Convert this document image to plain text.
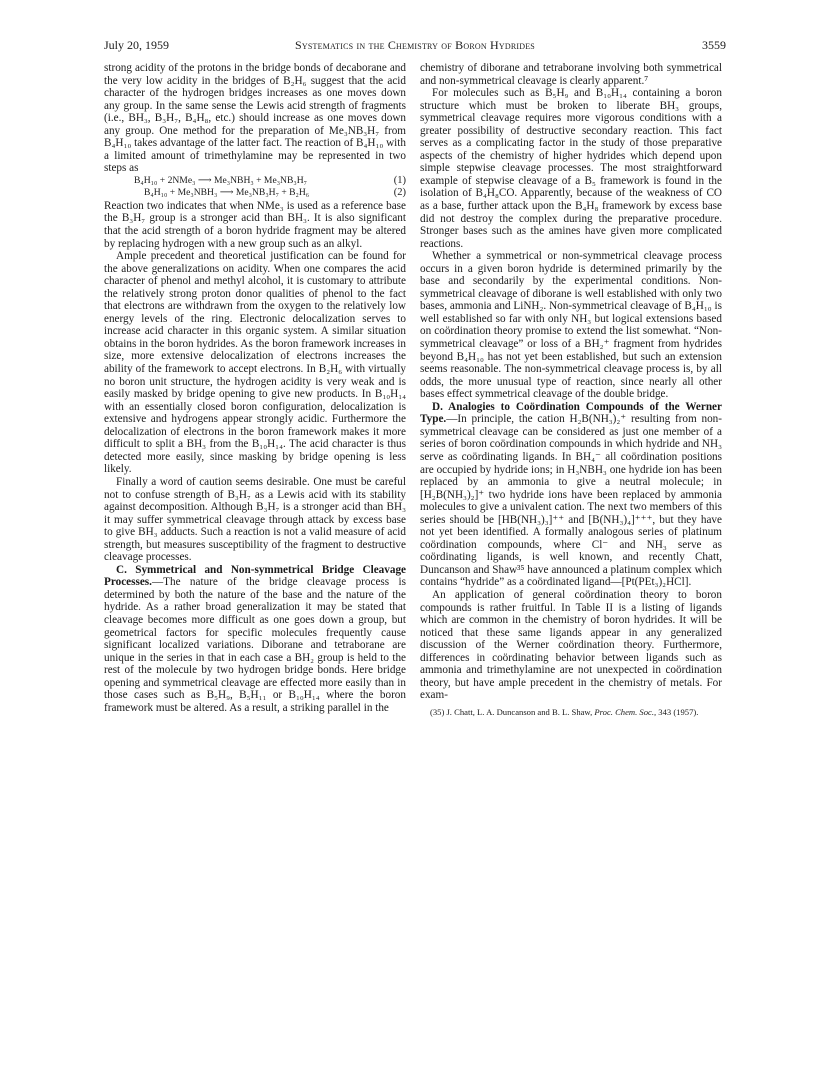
July 20, 1959	Systematics in the Chemistry of Boron Hydrides	3559

strong acidity of the protons in the bridge bonds of decaborane and the very low acidity in the bridges of B₂H₆ suggest that the acid character of the hydrogen bridges increases as one moves down any group. In the same sense the Lewis acid strength of fragments (i.e., BH₃, B₃H₇, B₄H₈, etc.) should increase as one moves down any group. One method for the preparation of Me₃NB₃H₇ from B₄H₁₀ takes advantage of the latter fact. The reaction of B₄H₁₀ with a limited amount of trimethylamine may be represented in two steps as

B₄H₁₀ + 2NMe₃ ⟶ Me₃NBH₃ + Me₃NB₃H₇	(1)
B₄H₁₀ + Me₃NBH₃ ⟶ Me₃NB₃H₇ + B₂H₆	(2)

Reaction two indicates that when NMe₃ is used as a reference base the B₃H₇ group is a stronger acid than BH₃. It is also significant that the acid strength of a boron hydride fragment may be altered by replacing hydrogen with a new group such as an alkyl.

Ample precedent and theoretical justification can be found for the above generalizations on acidity. When one compares the acid character of phenol and methyl alcohol, it is customary to attribute the relatively strong proton donor qualities of phenol to the fact that electrons are withdrawn from the oxygen to the relatively low energy levels of the ring. Electronic delocalization serves to increase acid character in this organic system. A similar situation obtains in the boron hydrides. As the boron framework increases in size, more extensive delocalization of electrons increases the ability of the framework to accept electrons. In B₂H₆ with virtually no boron unit structure, the hydrogen acidity is very weak and is easily masked by bridge opening to give new products. In B₁₀H₁₄ with an essentially closed boron configuration, delocalization is extensive and hydrogens appear strongly acidic. Furthermore the delocalization of electrons in the boron framework makes it more difficult to split a BH₃ from the B₁₀H₁₄. The acid character is thus detected more easily, since masking by bridge opening is less likely.

Finally a word of caution seems desirable. One must be careful not to confuse strength of B₃H₇ as a Lewis acid with its stability against decomposition. Although B₃H₇ is a stronger acid than BH₃ it may suffer symmetrical cleavage through attack by excess base to give BH₃ adducts. Such a reaction is not a valid measure of acid strength, but measures susceptibility of the fragment to destructive cleavage processes.

C. Symmetrical and Non-symmetrical Bridge Cleavage Processes.—The nature of the bridge cleavage process is determined by both the nature of the base and the nature of the hydride. As a rather broad generalization it may be stated that cleavage becomes more difficult as one goes down a group, but geometrical factors for specific molecules frequently cause significant localized variations. Diborane and tetraborane are unique in the series in that in each case a BH₂ group is held to the rest of the molecule by two hydrogen bridge bonds. Here bridge opening and symmetrical cleavage are effected more easily than in those cases such as B₅H₉, B₅H₁₁ or B₁₀H₁₄ where the boron framework must be altered. As a result, a striking parallel in the

chemistry of diborane and tetraborane involving both symmetrical and non-symmetrical cleavage is clearly apparent.⁷

For molecules such as B₅H₉ and B₁₀H₁₄ containing a boron structure which must be broken to liberate BH₃ groups, symmetrical cleavage requires more vigorous conditions with a greater possibility of destructive secondary reaction. This fact serves as a complicating factor in the study of those preparative aspects of the chemistry of higher hydrides which depend upon simple stepwise cleavage processes. The most straightforward example of stepwise cleavage of a B₅ framework is found in the isolation of B₄H₈CO. Apparently, because of the weakness of CO as a base, further attack upon the B₄H₈ framework by excess base did not destroy the complex during the preparative procedure. Stronger bases such as the amines have given more complicated reactions.

Whether a symmetrical or non-symmetrical cleavage process occurs in a given boron hydride is determined primarily by the base and secondarily by the experimental conditions. Non-symmetrical cleavage of diborane is well established with only two bases, ammonia and LiNH₂. Non-symmetrical cleavage of B₄H₁₀ is well established so far with only NH₃ but logical extensions based on coördination theory promise to extend the list somewhat. “Non-symmetrical cleavage” or loss of a BH₂⁺ fragment from hydrides beyond B₄H₁₀ has not yet been established, but such an extension seems reasonable. The non-symmetrical cleavage process is, by all odds, the more unusual type of reaction, since nearly all other bases effect symmetrical cleavage of the double bridge.

D. Analogies to Coördination Compounds of the Werner Type.—In principle, the cation H₂B(NH₃)₂⁺ resulting from non-symmetrical cleavage can be considered as just one member of a series of boron coördination compounds in which hydride and NH₃ serve as coördinating ligands. In BH₄⁻ all coördination positions are occupied by hydride ions; in H₃NBH₃ one hydride ion has been replaced by an ammonia to give a neutral molecule; in [H₂B(NH₃)₂]⁺ two hydride ions have been replaced by ammonia molecules to give a univalent cation. The next two members of this series should be [HB(NH₃)₃]⁺⁺ and [B(NH₃)₄]⁺⁺⁺, but they have not yet been identified. A formally analogous series of platinum coördination compounds, where Cl⁻ and NH₃ serve as coördinating ligands, is well known, and recently Chatt, Duncanson and Shaw³⁵ have announced a platinum complex which contains “hydride” as a coördinated ligand—[Pt(PEt₃)₂HCl].

An application of general coördination theory to boron compounds is rather fruitful. In Table II is a listing of ligands which are common in the chemistry of boron hydrides. It will be noticed that these same ligands appear in any generalized discussion of the Werner coördination theory. Furthermore, differences in coördinating behavior between ligands such as ammonia and trimethylamine are not unexpected in coördination theory, but have ample precedent in the chemistry of metals. For exam-

(35) J. Chatt, L. A. Duncanson and B. L. Shaw, Proc. Chem. Soc., 343 (1957).
